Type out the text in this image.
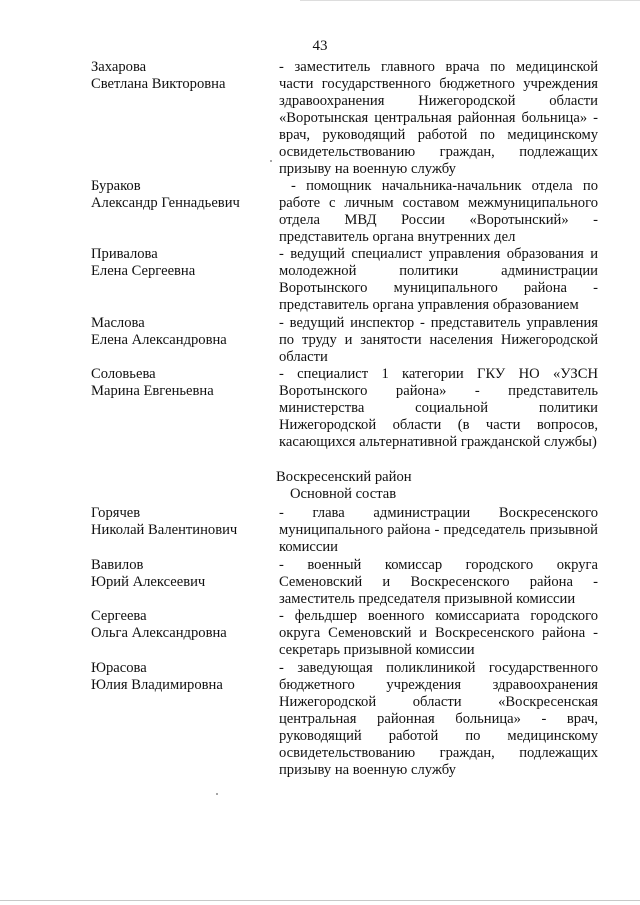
43
Захарова
Светлана Викторовна
- заместитель главного врача по медицинской части государственного бюджетного учреждения здравоохранения Нижегородской области «Воротынская центральная районная больница» - врач, руководящий работой по медицинскому освидетельствованию граждан, подлежащих призыву на военную службу
Бураков
Александр Геннадьевич
- помощник начальника-начальник отдела по работе с личным составом межмуниципального отдела МВД России «Воротынский» - представитель органа внутренних дел
Привалова
Елена Сергеевна
- ведущий специалист управления образования и молодежной политики администрации Воротынского муниципального района - представитель органа управления образованием
Маслова
Елена Александровна
- ведущий инспектор - представитель управления по труду и занятости населения Нижегородской области
Соловьева
Марина Евгеньевна
- специалист 1 категории ГКУ НО «УЗСН Воротынского района» - представитель министерства социальной политики Нижегородской области (в части вопросов, касающихся альтернативной гражданской службы)
Воскресенский район
Основной состав
Горячев
Николай Валентинович
- глава администрации Воскресенского муниципального района - председатель призывной комиссии
Вавилов
Юрий Алексеевич
- военный комиссар городского округа Семеновский и Воскресенского района - заместитель председателя призывной комиссии
Сергеева
Ольга Александровна
- фельдшер военного комиссариата городского округа Семеновский и Воскресенского района - секретарь призывной комиссии
Юрасова
Юлия Владимировна
- заведующая поликлиникой государственного бюджетного учреждения здравоохранения Нижегородской области «Воскресенская центральная районная больница» - врач, руководящий работой по медицинскому освидетельствованию граждан, подлежащих призыву на военную службу
